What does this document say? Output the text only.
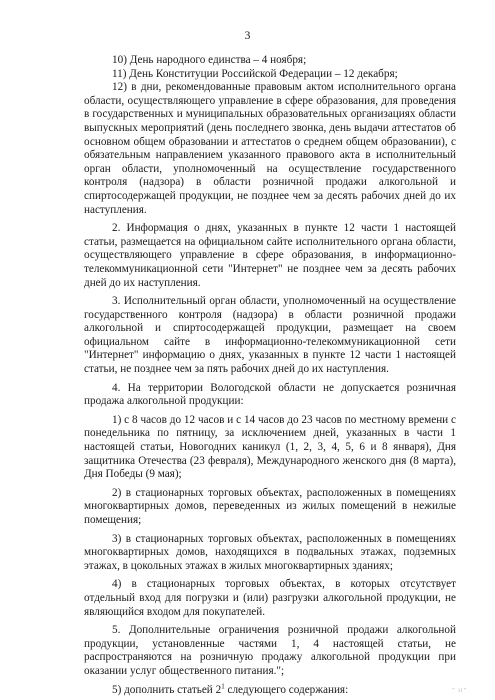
3

10) День народного единства – 4 ноября;

11) День Конституции Российской Федерации – 12 декабря;

12) в дни, рекомендованные правовым актом исполнительного органа области, осуществляющего управление в сфере образования, для проведения в государственных и муниципальных образовательных организациях области выпускных мероприятий (день последнего звонка, день выдачи аттестатов об основном общем образовании и аттестатов о среднем общем образовании), с обязательным направлением указанного правового акта в исполнительный орган области, уполномоченный на осуществление государственного контроля (надзора) в области розничной продажи алкогольной и спиртосодержащей продукции, не позднее чем за десять рабочих дней до их наступления.

2. Информация о днях, указанных в пункте 12 части 1 настоящей статьи, размещается на официальном сайте исполнительного органа области, осуществляющего управление в сфере образования, в информационно-телекоммуникационной сети "Интернет" не позднее чем за десять рабочих дней до их наступления.

3. Исполнительный орган области, уполномоченный на осуществление государственного контроля (надзора) в области розничной продажи алкогольной и спиртосодержащей продукции, размещает на своем официальном сайте в информационно-телекоммуникационной сети "Интернет" информацию о днях, указанных в пункте 12 части 1 настоящей статьи, не позднее чем за пять рабочих дней до их наступления.

4. На территории Вологодской области не допускается розничная продажа алкогольной продукции:

1) с 8 часов до 12 часов и с 14 часов до 23 часов по местному времени с понедельника по пятницу, за исключением дней, указанных в части 1 настоящей статьи, Новогодних каникул (1, 2, 3, 4, 5, 6 и 8 января), Дня защитника Отечества (23 февраля), Международного женского дня (8 марта), Дня Победы (9 мая);

2) в стационарных торговых объектах, расположенных в помещениях многоквартирных домов, переведенных из жилых помещений в нежилые помещения;

3) в стационарных торговых объектах, расположенных в помещениях многоквартирных домов, находящихся в подвальных этажах, подземных этажах, в цокольных этажах в жилых многоквартирных зданиях;

4) в стационарных торговых объектах, в которых отсутствует отдельный вход для погрузки и (или) разгрузки алкогольной продукции, не являющийся входом для покупателей.

5. Дополнительные ограничения розничной продажи алкогольной продукции, установленные частями 1, 4 настоящей статьи, не распространяются на розничную продажу алкогольной продукции при оказании услуг общественного питания.";

5) дополнить статьей $2^1$ следующего содержания:	" ii"
